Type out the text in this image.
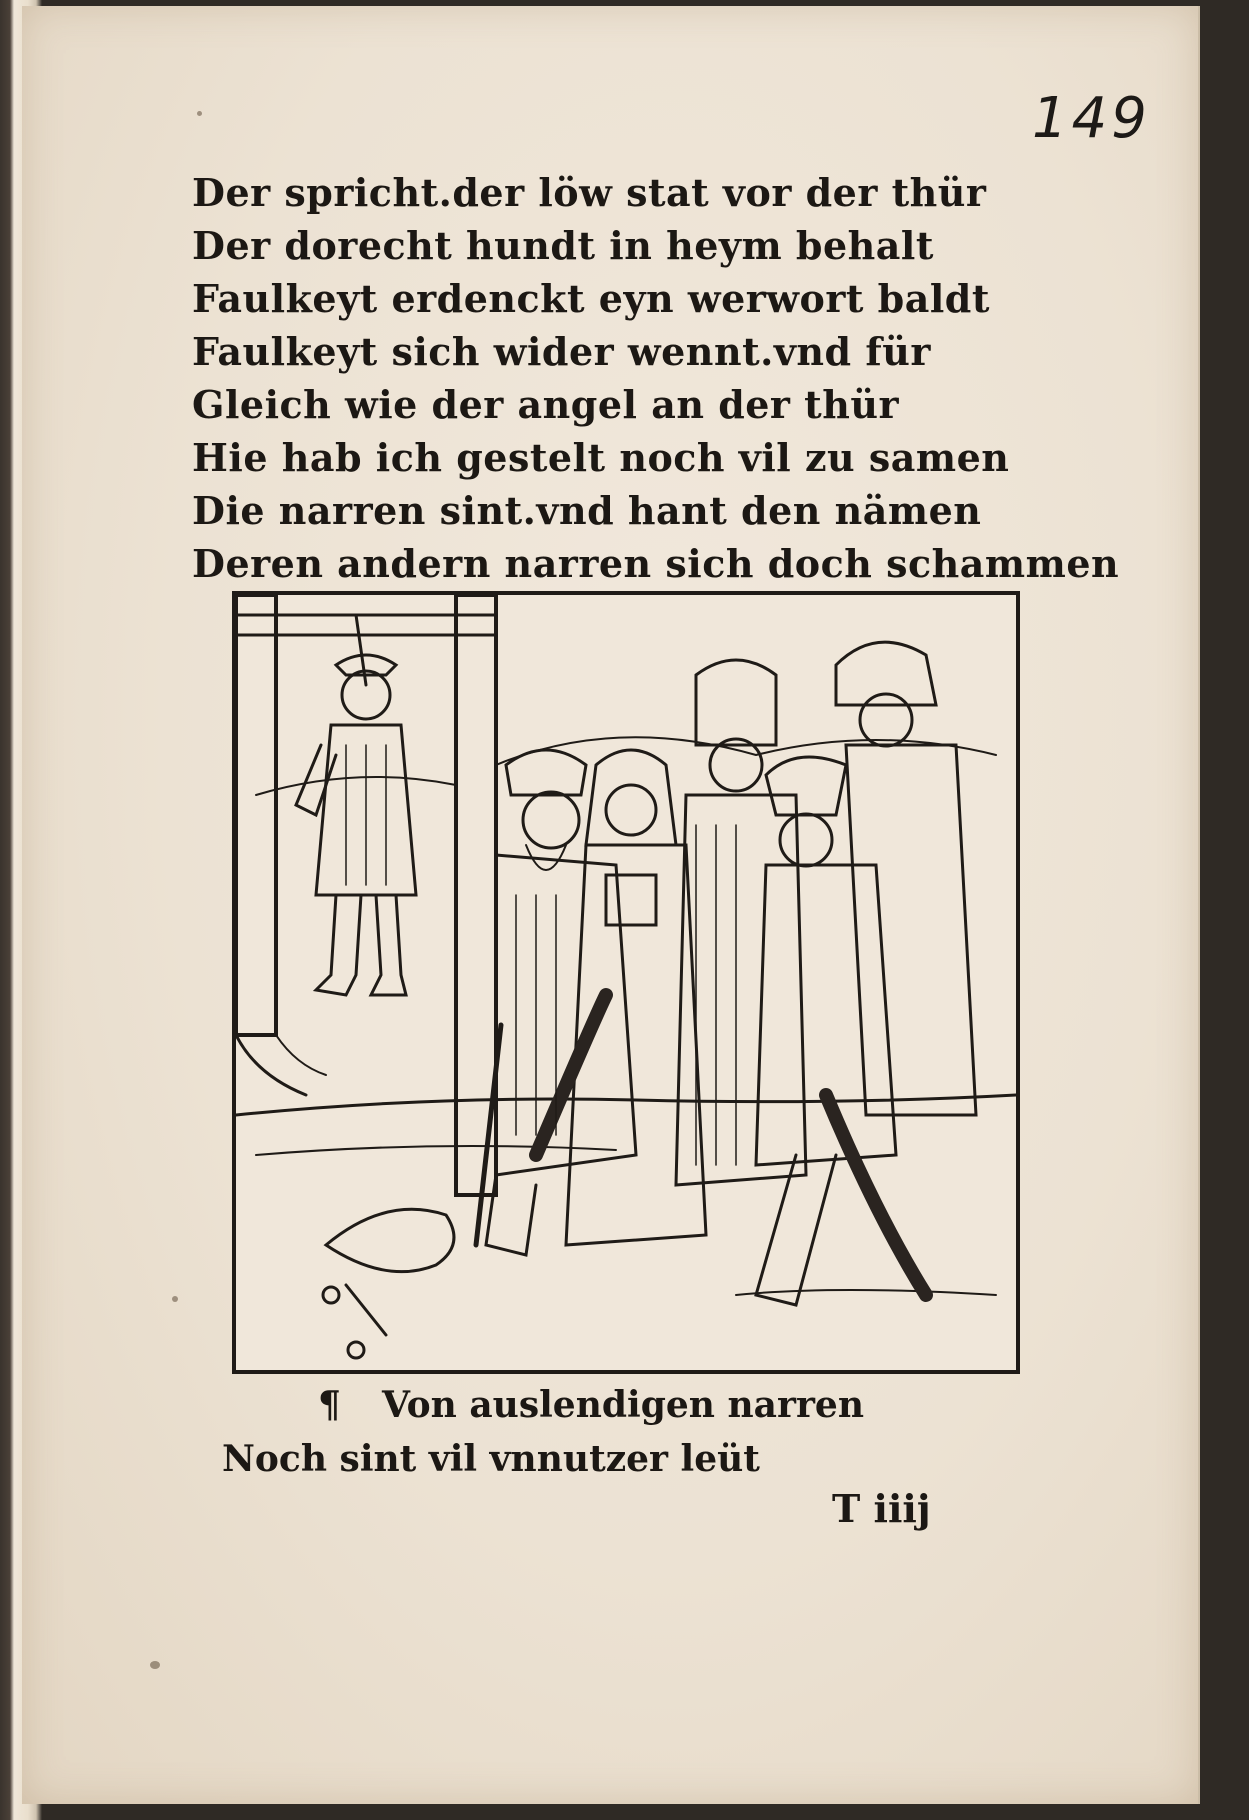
149
Der spricht.der löw stat vor der thür
Der dorecht hundt in heym behalt
Faulkeyt erdenckt eyn werwort baldt
Faulkeyt sich wider wennt.vnd für
Gleich wie der angel an der thür
Hie hab ich gestelt noch vil zu samen
Die narren sint.vnd hant den nämen
Deren andern narren sich doch schammen
¶ Von auslendigen narren
Noch sint vil vnnutzer leüt
T iiij
